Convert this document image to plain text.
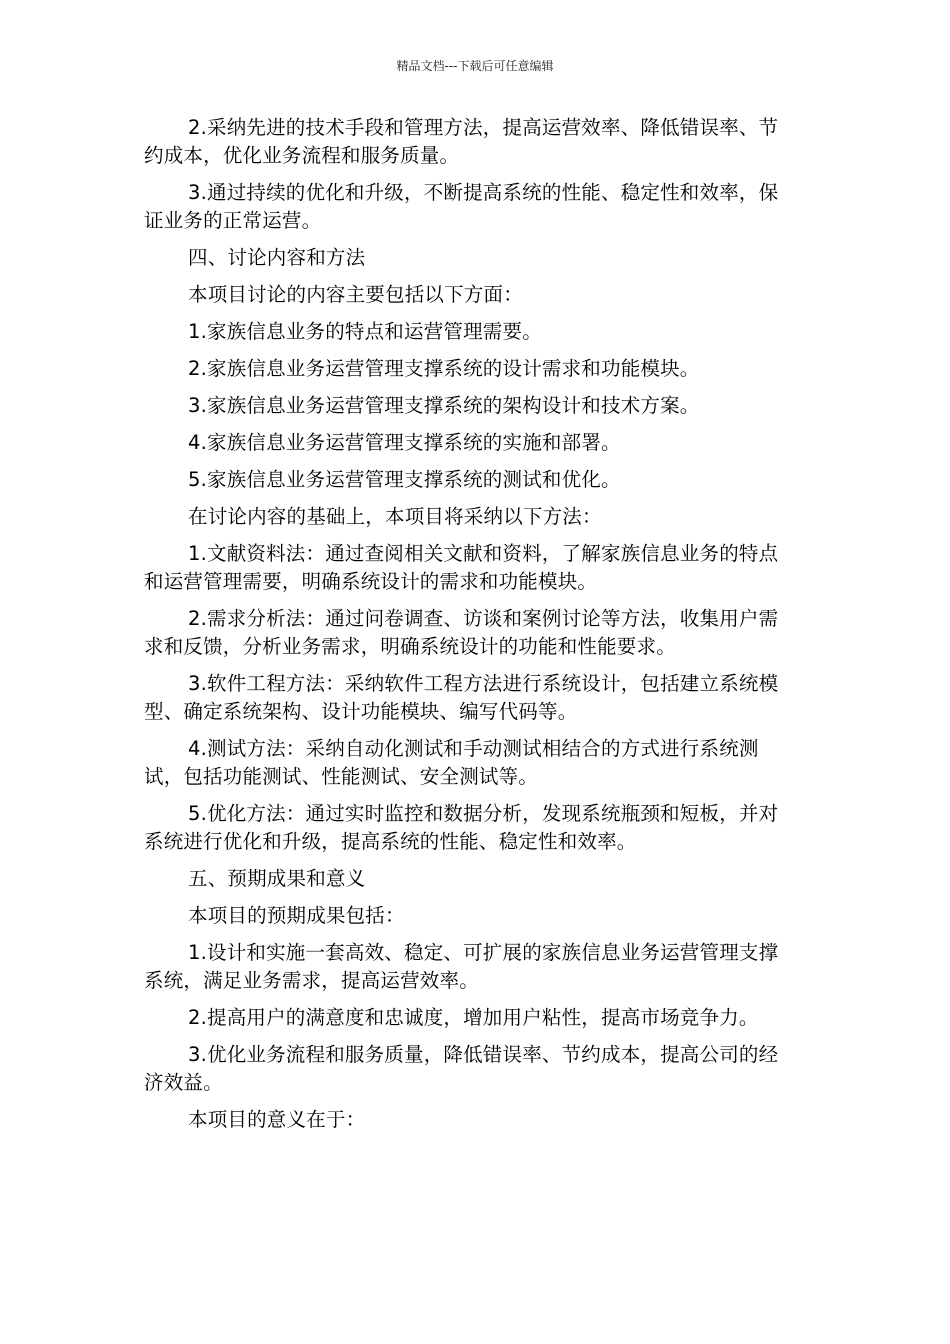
精品文档---下载后可任意编辑

2.采纳先进的技术手段和管理方法，提高运营效率、降低错误率、节约成本，优化业务流程和服务质量。

3.通过持续的优化和升级，不断提高系统的性能、稳定性和效率，保证业务的正常运营。

四、讨论内容和方法

本项目讨论的内容主要包括以下方面：

1.家族信息业务的特点和运营管理需要。

2.家族信息业务运营管理支撑系统的设计需求和功能模块。

3.家族信息业务运营管理支撑系统的架构设计和技术方案。

4.家族信息业务运营管理支撑系统的实施和部署。

5.家族信息业务运营管理支撑系统的测试和优化。

在讨论内容的基础上，本项目将采纳以下方法：

1.文献资料法：通过查阅相关文献和资料，了解家族信息业务的特点和运营管理需要，明确系统设计的需求和功能模块。

2.需求分析法：通过问卷调查、访谈和案例讨论等方法，收集用户需求和反馈，分析业务需求，明确系统设计的功能和性能要求。

3.软件工程方法：采纳软件工程方法进行系统设计，包括建立系统模型、确定系统架构、设计功能模块、编写代码等。

4.测试方法：采纳自动化测试和手动测试相结合的方式进行系统测试，包括功能测试、性能测试、安全测试等。

5.优化方法：通过实时监控和数据分析，发现系统瓶颈和短板，并对系统进行优化和升级，提高系统的性能、稳定性和效率。

五、预期成果和意义

本项目的预期成果包括：

1.设计和实施一套高效、稳定、可扩展的家族信息业务运营管理支撑系统，满足业务需求，提高运营效率。

2.提高用户的满意度和忠诚度，增加用户粘性，提高市场竞争力。

3.优化业务流程和服务质量，降低错误率、节约成本，提高公司的经济效益。

本项目的意义在于：
